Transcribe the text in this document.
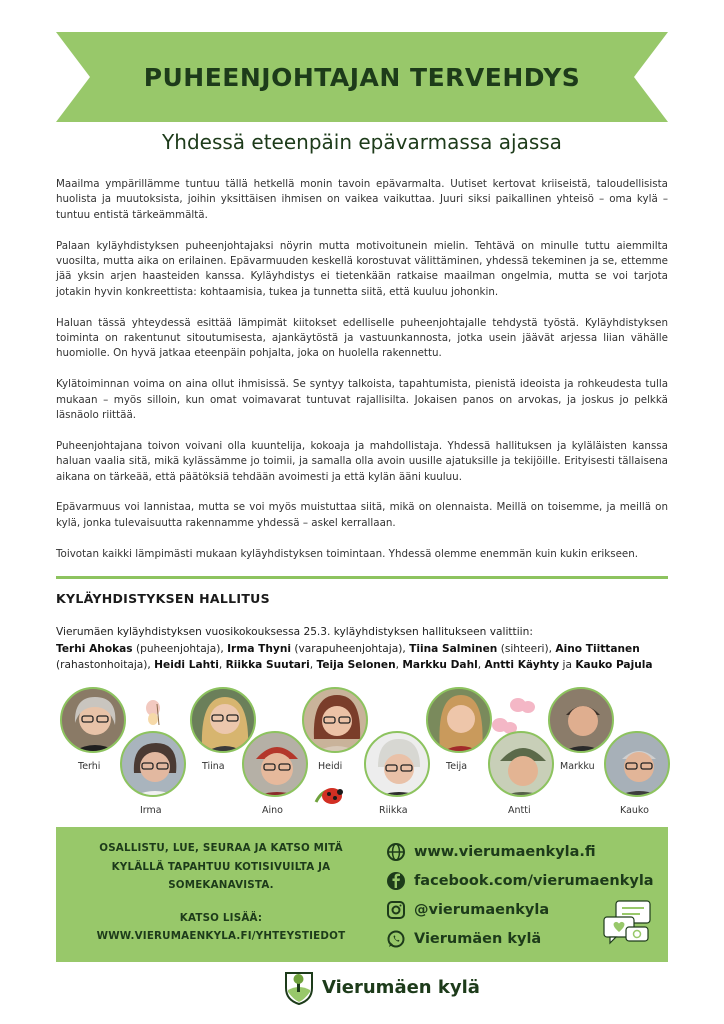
PUHEENJOHTAJAN TERVEHDYS
Yhdessä eteenpäin epävarmassa ajassa

Maailma ympärillämme tuntuu tällä hetkellä monin tavoin epävarmalta. Uutiset kertovat kriiseistä, taloudellisista huolista ja muutoksista, joihin yksittäisen ihmisen on vaikea vaikuttaa. Juuri siksi paikallinen yhteisö – oma kylä – tuntuu entistä tärkeämmältä.

Palaan kyläyhdistyksen puheenjohtajaksi nöyrin mutta motivoitunein mielin. Tehtävä on minulle tuttu aiemmilta vuosilta, mutta aika on erilainen. Epävarmuuden keskellä korostuvat välittäminen, yhdessä tekeminen ja se, ettemme jää yksin arjen haasteiden kanssa. Kyläyhdistys ei tietenkään ratkaise maailman ongelmia, mutta se voi tarjota jotakin hyvin konkreettista: kohtaamisia, tukea ja tunnetta siitä, että kuuluu johonkin.

Haluan tässä yhteydessä esittää lämpimät kiitokset edelliselle puheenjohtajalle tehdystä työstä. Kyläyhdistyksen toiminta on rakentunut sitoutumisesta, ajankäytöstä ja vastuunkannosta, jotka usein jäävät arjessa liian vähälle huomiolle. On hyvä jatkaa eteenpäin pohjalta, joka on huolella rakennettu.

Kylätoiminnan voima on aina ollut ihmisissä. Se syntyy talkoista, tapahtumista, pienistä ideoista ja rohkeudesta tulla mukaan – myös silloin, kun omat voimavarat tuntuvat rajallisilta. Jokaisen panos on arvokas, ja joskus jo pelkkä läsnäolo riittää.

Puheenjohtajana toivon voivani olla kuuntelija, kokoaja ja mahdollistaja. Yhdessä hallituksen ja kyläläisten kanssa haluan vaalia sitä, mikä kylässämme jo toimii, ja samalla olla avoin uusille ajatuksille ja tekijöille. Erityisesti tällaisena aikana on tärkeää, että päätöksiä tehdään avoimesti ja että kylän ääni kuuluu.

Epävarmuus voi lannistaa, mutta se voi myös muistuttaa siitä, mikä on olennaista. Meillä on toisemme, ja meillä on kylä, jonka tulevaisuutta rakennamme yhdessä – askel kerrallaan.

Toivotan kaikki lämpimästi mukaan kyläyhdistyksen toimintaan. Yhdessä olemme enemmän kuin kukin erikseen.

KYLÄYHDISTYKSEN HALLITUS
Vierumäen kyläyhdistyksen vuosikokouksessa 25.3. kyläyhdistyksen hallitukseen valittiin:
Terhi Ahokas (puheenjohtaja), Irma Thyni (varapuheenjohtaja), Tiina Salminen (sihteeri), Aino Tiittanen
(rahastonhoitaja), Heidi Lahti, Riikka Suutari, Teija Selonen, Markku Dahl, Antti Käyhty ja Kauko Pajula
Terhi
Irma
Tiina
Aino
Heidi
Riikka
Teija
Antti
Markku
Kauko
OSALLISTU, LUE, SEURAA JA KATSO MITÄ
KYLÄLLÄ TAPAHTUU KOTISIVUILTA JA
SOMEKANAVISTA.
KATSO LISÄÄ:
WWW.VIERUMAENKYLA.FI/YHTEYSTIEDOT
www.vierumaenkyla.fi
facebook.com/vierumaenkyla
@vierumaenkyla
Vierumäen kylä
Vierumäen kylä
